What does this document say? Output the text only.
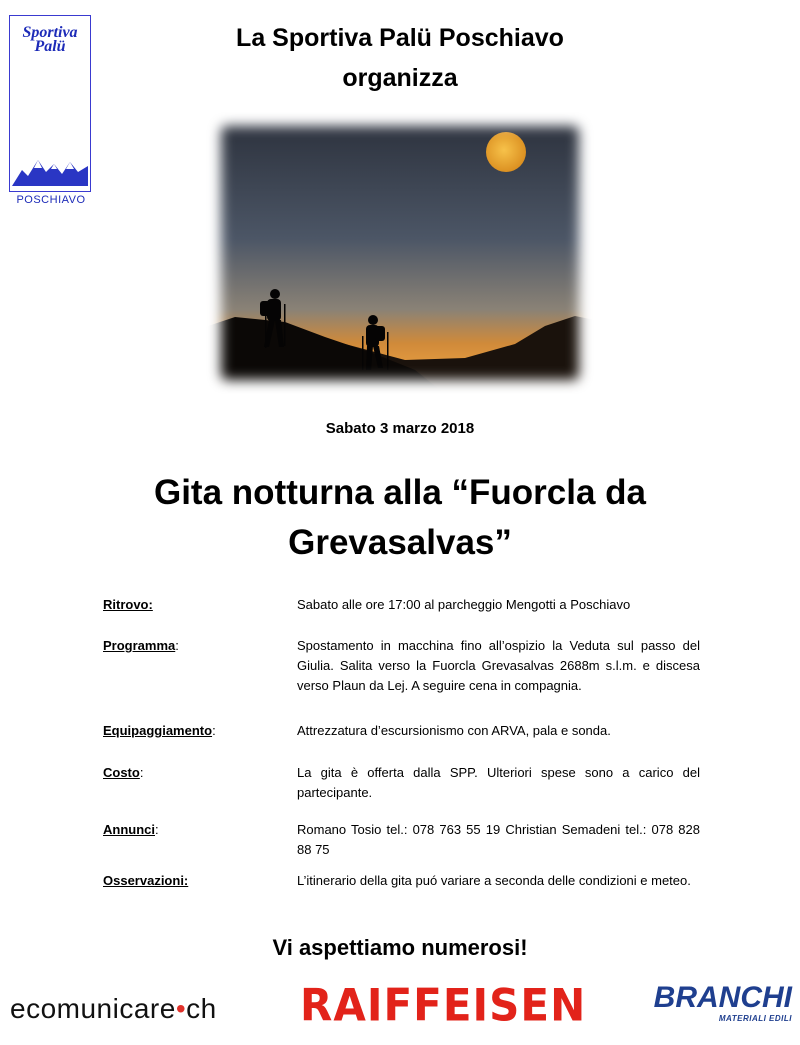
Sportiva
Palü
POSCHIAVO
La Sportiva Palü Poschiavo
organizza
Sabato 3 marzo 2018
Gita notturna alla “Fuorcla da Grevasalvas”
Ritrovo:	Sabato alle ore 17:00 al parcheggio Mengotti a Poschiavo
Programma:	Spostamento in macchina fino all’ospizio la Veduta sul passo del Giulia. Salita verso la Fuorcla Grevasalvas 2688m s.l.m. e discesa verso Plaun da Lej. A seguire cena in compagnia.
Equipaggiamento:	Attrezzatura d’escursionismo con ARVA, pala e sonda.
Costo:	La gita è offerta dalla SPP. Ulteriori spese sono a carico del partecipante.
Annunci:	Romano Tosio tel.: 078 763 55 19 Christian Semadeni tel.: 078 828 88 75
Osservazioni:	L’itinerario della gita puó variare a seconda delle condizioni e meteo.
Vi aspettiamo numerosi!
ecomunicare•ch RAIFFEISEN	BRANCHI
MATERIALI EDILI
